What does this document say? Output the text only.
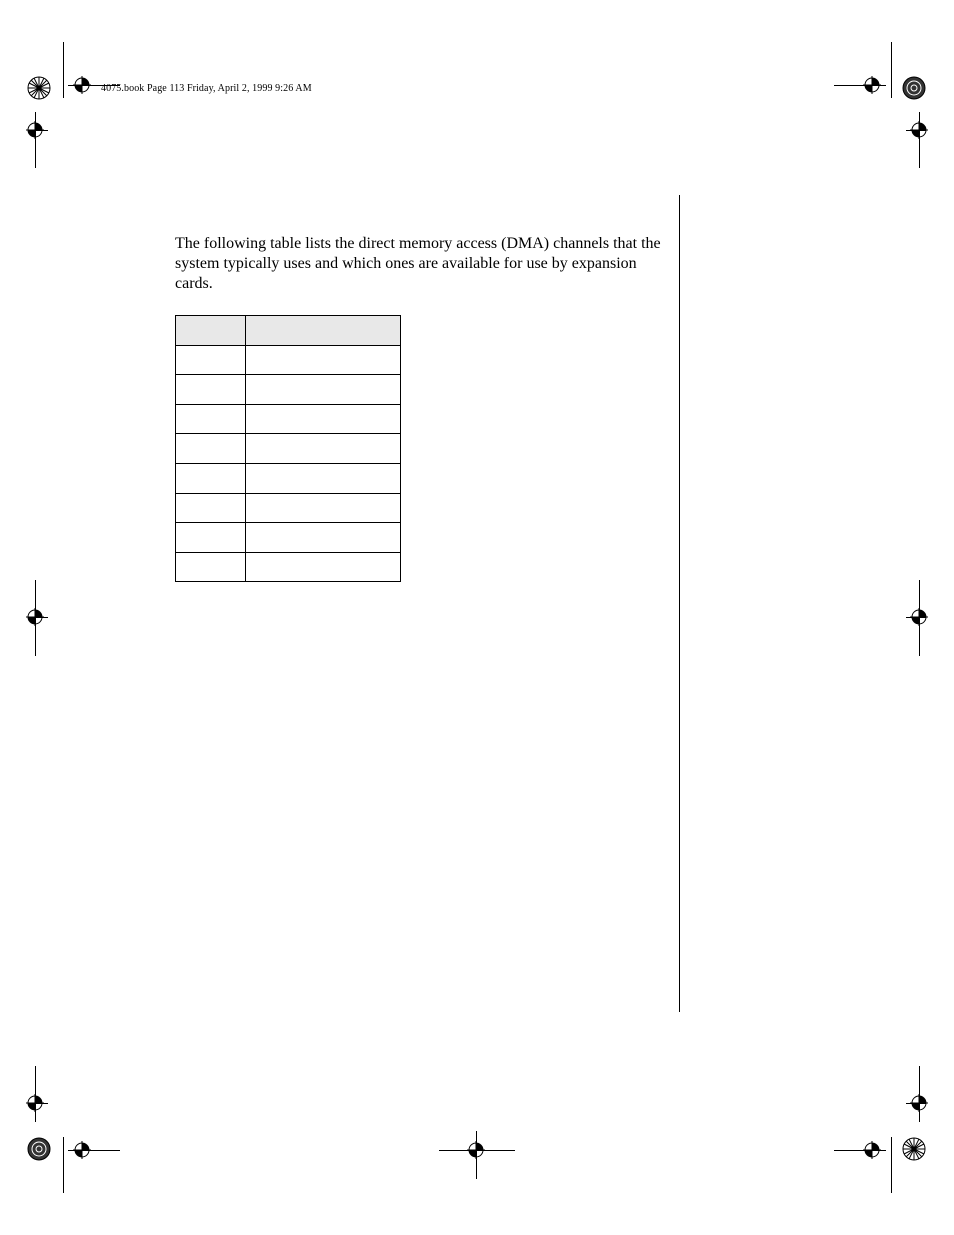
4075.book Page 113 Friday, April 2, 1999 9:26 AM

The following table lists the direct memory access (DMA) channels that the system typically uses and which ones are available for use by expansion cards.
